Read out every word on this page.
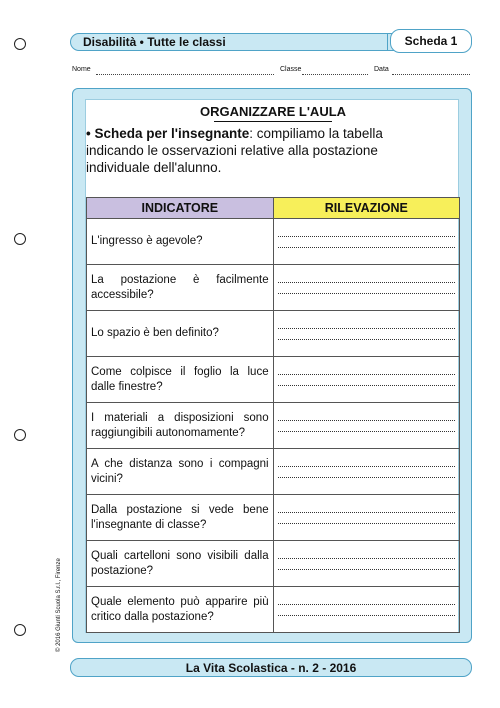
Disabilità • Tutte le classi	Scheda 1
Nome	Classe	Data
ORGANIZZARE L'AULA
• Scheda per l'insegnante: compiliamo la tabella indicando le osservazioni relative alla postazione individuale dell'alunno.
INDICATORE	RILEVAZIONE
L'ingresso è agevole?	

La postazione è facilmente accessibile?	

Lo spazio è ben definito?	

Come colpisce il foglio la luce dalle finestre?	

I materiali a disposizioni sono raggiungibili autonomamente?	

A che distanza sono i compagni vicini?	

Dalla postazione si vede bene l'insegnante di classe?	

Quali cartelloni sono visibili dalla postazione?	

Quale elemento può apparire più critico dalla postazione?	
La Vita Scolastica - n. 2 - 2016
© 2016 Giunti Scuola S.r.l., Firenze
